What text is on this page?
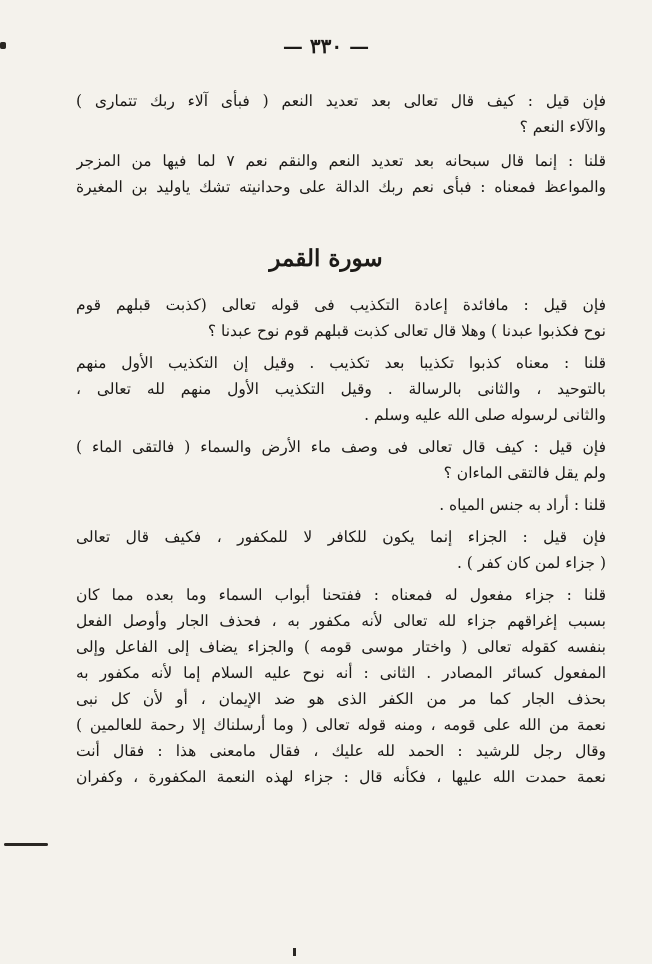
— ٣٣٠ —
فإن قيل : كيف قال تعالى بعد تعديد النعم ( فبأى آلاء ربك تتمارى )
والآلاء النعم ؟
قلنا : إنما قال سبحانه بعد تعديد النعم والنقم نعم ٧ لما فيها من المزجر
والمواعظ فمعناه : فبأى نعم ربك الدالة على وحدانيته تشك ياوليد بن المغيرة
سورة القمر
فإن قيل : مافائدة إعادة التكذيب فى قوله تعالى (كذبت قبلهم قوم
نوح فكذبوا عبدنا ) وهلا قال تعالى كذبت قبلهم قوم نوح عبدنا ؟
قلنا : معناه كذبوا تكذيبا بعد تكذيب . وقيل إن التكذيب الأول منهم
بالتوحيد ، والثانى بالرسالة . وقيل التكذيب الأول منهم لله تعالى ،
والثانى لرسوله صلى الله عليه وسلم .
فإن قيل : كيف قال تعالى فى وصف ماء الأرض والسماء ( فالتقى الماء )
ولم يقل فالتقى الماءان ؟
قلنا : أراد به جنس المياه .
فإن قيل : الجزاء إنما يكون للكافر لا للمكفور ، فكيف قال تعالى
( جزاء لمن كان كفر ) .
قلنا : جزاء مفعول له فمعناه : ففتحنا أبواب السماء وما بعده مما كان
بسبب إغراقهم جزاء لله تعالى لأنه مكفور به ، فحذف الجار وأوصل الفعل
بنفسه كقوله تعالى ( واختار موسى قومه ) والجزاء يضاف إلى الفاعل وإلى
المفعول كسائر المصادر . الثانى : أنه نوح عليه السلام إما لأنه مكفور به
بحذف الجار كما مر من الكفر الذى هو ضد الإيمان ، أو لأن كل نبى
نعمة من الله على قومه ، ومنه قوله تعالى ( وما أرسلناك إلا رحمة للعالمين )
وقال رجل للرشيد : الحمد لله عليك ، فقال مامعنى هذا : فقال أنت
نعمة حمدت الله عليها ، فكأنه قال : جزاء لهذه النعمة المكفورة ، وكفران
